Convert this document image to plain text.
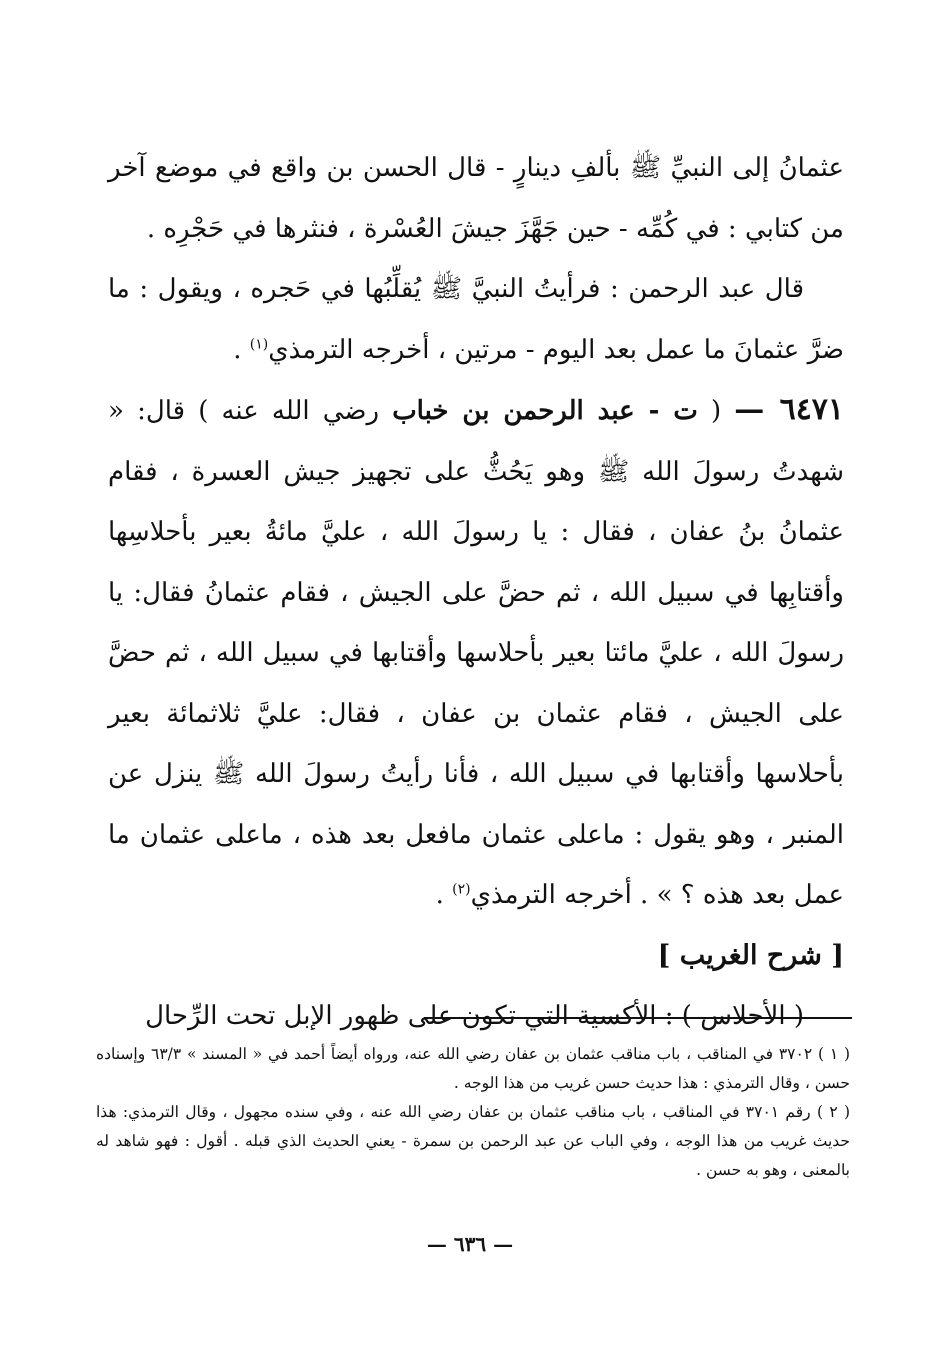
عثمانُ إلى النبيِّ ﷺ بألفِ دينارٍ - قال الحسن بن واقع في موضع آخر من كتابي : في كُمِّه - حين جَهَّزَ جيشَ العُسْرة ، فنثرها في حَجْرِه .

قال عبد الرحمن : فرأيتُ النبيَّ ﷺ يُقلِّبُها في حَجره ، ويقول : ما ضرَّ عثمانَ ما عمل بعد اليوم - مرتين ، أخرجه الترمذي$^{(١)}$ .

٦٤٧١ — ( ت - عبد الرحمن بن خباب رضي الله عنه ) قال: « شهدتُ رسولَ الله ﷺ وهو يَحُثُّ على تجهيز جيش العسرة ، فقام عثمانُ بنُ عفان ، فقال : يا رسولَ الله ، عليَّ مائةُ بعير بأحلاسِها وأقتابِها في سبيل الله ، ثم حضَّ على الجيش ، فقام عثمانُ فقال: يا رسولَ الله ، عليَّ مائتا بعير بأحلاسها وأقتابها في سبيل الله ، ثم حضَّ على الجيش ، فقام عثمان بن عفان ، فقال: عليَّ ثلاثمائة بعير بأحلاسها وأقتابها في سبيل الله ، فأنا رأيتُ رسولَ الله ﷺ ينزل عن المنبر ، وهو يقول : ماعلى عثمان مافعل بعد هذه ، ماعلى عثمان ما عمل بعد هذه ؟ » . أخرجه الترمذي$^{(٢)}$ .

[ شرح الغريب ]

( الأحلاس ) : الأكسية التي تكون على ظهور الإبل تحت الرِّحال

( ١ ) ٣٧٠٢ في المناقب ، باب مناقب عثمان بن عفان رضي الله عنه، ورواه أيضاً أحمد في « المسند » ٦٣/٣ وإسناده حسن ، وقال الترمذي : هذا حديث حسن غريب من هذا الوجه .

( ٢ ) رقم ٣٧٠١ في المناقب ، باب مناقب عثمان بن عفان رضي الله عنه ، وفي سنده مجهول ، وقال الترمذي: هذا حديث غريب من هذا الوجه ، وفي الباب عن عبد الرحمن بن سمرة - يعني الحديث الذي قبله . أقول : فهو شاهد له بالمعنى ، وهو به حسن .

— ٦٣٦ —
